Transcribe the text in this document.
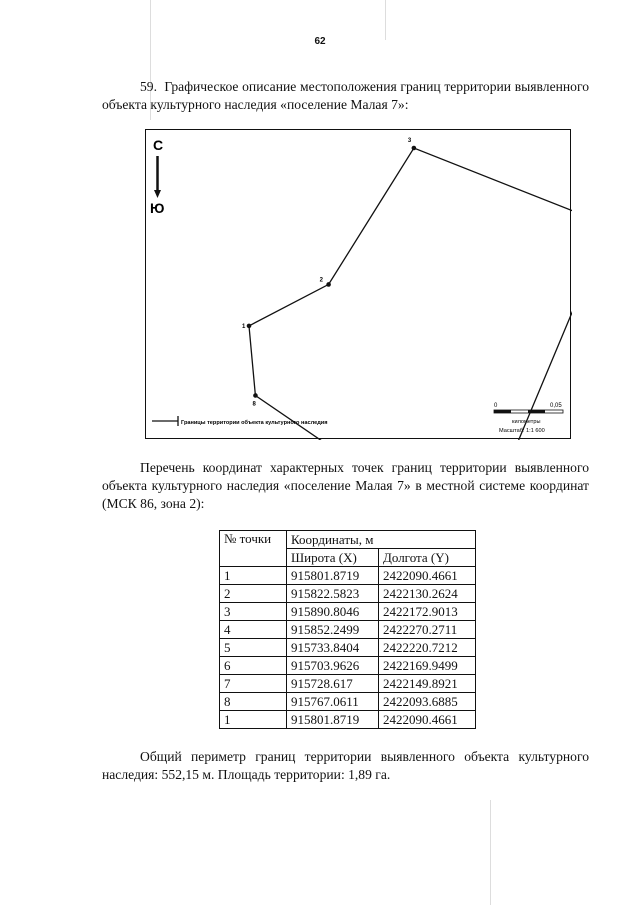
62

59. Графическое описание местоположения границ территории выявленного объекта культурного наследия «поселение Малая 7»:

С
Ю
1
2
3
8
Границы территории объекта культурного наследия
0	0,05
километры
Масштаб: 1:1 600

Перечень координат характерных точек границ территории выявленного объекта культурного наследия «поселение Малая 7» в местной системе координат (МСК 86, зона 2):

№ точки	Координаты, м	
	Широта (X)	Долгота (Y)
1	915801.8719	2422090.4661
2	915822.5823	2422130.2624
3	915890.8046	2422172.9013
4	915852.2499	2422270.2711
5	915733.8404	2422220.7212
6	915703.9626	2422169.9499
7	915728.617	2422149.8921
8	915767.0611	2422093.6885
1	915801.8719	2422090.4661

Общий периметр границ территории выявленного объекта культурного наследия: 552,15 м. Площадь территории: 1,89 га.
